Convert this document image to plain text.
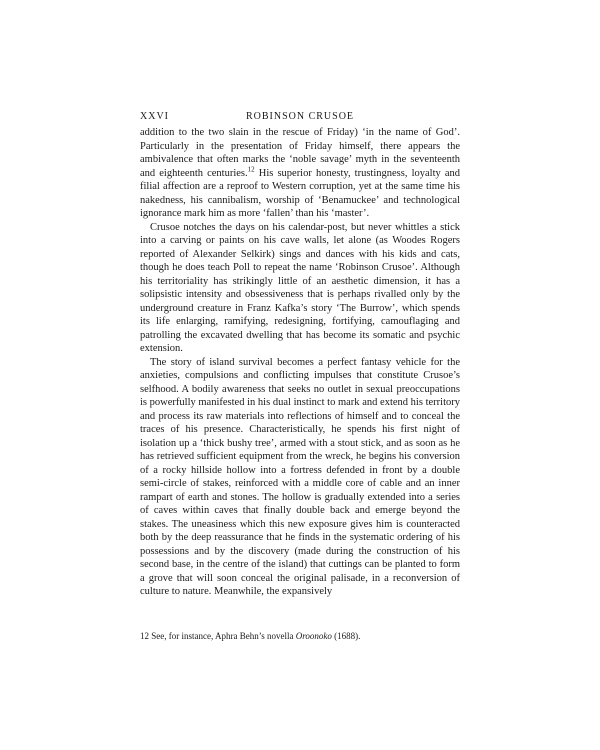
XXVI	ROBINSON CRUSOE

addition to the two slain in the rescue of Friday) ‘in the name of God’. Particularly in the presentation of Friday himself, there appears the ambivalence that often marks the ‘noble savage’ myth in the seventeenth and eighteenth centuries.$^{12}$ His superior honesty, trustingness, loyalty and filial affection are a reproof to Western corruption, yet at the same time his nakedness, his cannibalism, worship of ‘Benamuckee’ and technological ignorance mark him as more ‘fallen’ than his ‘master’.

Crusoe notches the days on his calendar-post, but never whittles a stick into a carving or paints on his cave walls, let alone (as Woodes Rogers reported of Alexander Selkirk) sings and dances with his kids and cats, though he does teach Poll to repeat the name ‘Robinson Crusoe’. Although his territoriality has strikingly little of an aesthetic dimension, it has a solipsistic intensity and obsessiveness that is perhaps rivalled only by the underground creature in Franz Kafka’s story ‘The Burrow’, which spends its life enlarging, ramifying, redesigning, fortifying, camouflaging and patrolling the excavated dwelling that has become its somatic and psychic extension.

The story of island survival becomes a perfect fantasy vehicle for the anxieties, compulsions and conflicting impulses that constitute Crusoe’s selfhood. A bodily awareness that seeks no outlet in sexual preoccupations is powerfully manifested in his dual instinct to mark and extend his territory and process its raw materials into reflections of himself and to conceal the traces of his presence. Characteristically, he spends his first night of isolation up a ‘thick bushy tree’, armed with a stout stick, and as soon as he has retrieved sufficient equipment from the wreck, he begins his conversion of a rocky hillside hollow into a fortress defended in front by a double semi-circle of stakes, reinforced with a middle core of cable and an inner rampart of earth and stones. The hollow is gradually extended into a series of caves within caves that finally double back and emerge beyond the stakes. The uneasiness which this new exposure gives him is counteracted both by the deep reassurance that he finds in the systematic ordering of his possessions and by the discovery (made during the construction of his second base, in the centre of the island) that cuttings can be planted to form a grove that will soon conceal the original palisade, in a reconversion of culture to nature. Meanwhile, the expansively

12 See, for instance, Aphra Behn’s novella Oroonoko (1688).
